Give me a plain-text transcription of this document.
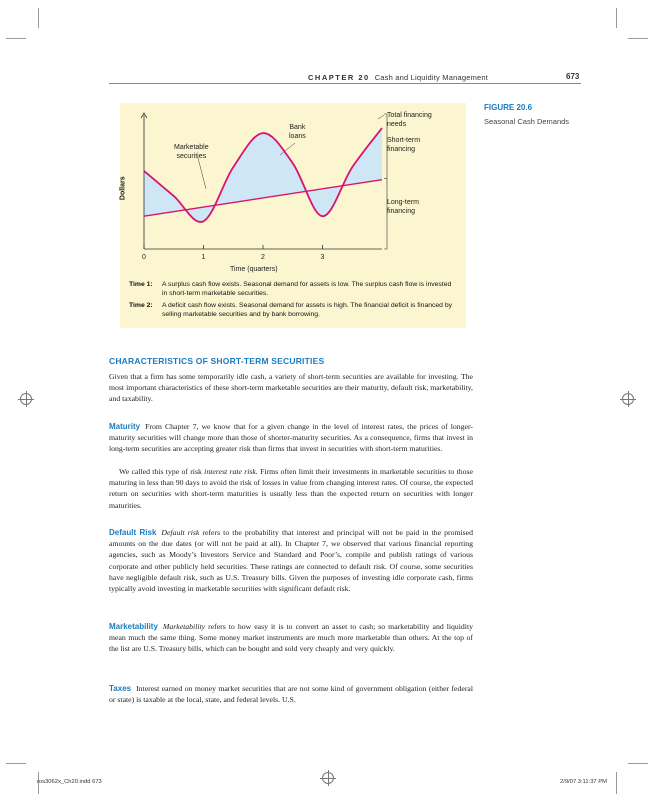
CHAPTER 20 Cash and Liquidity Management	673
FIGURE 20.6
Seasonal Cash Demands
0	1	2	3
Marketable
securities
Bank
loans
Total financing
needs
Short-term
financing
Long-term
financing
Dollars
Time (quarters)
Time 1: A surplus cash flow exists. Seasonal demand for assets is low. The surplus cash flow is invested in short-term marketable securities.
Time 2: A deficit cash flow exists. Seasonal demand for assets is high. The financial deficit is financed by selling marketable securities and by bank borrowing.
CHARACTERISTICS OF SHORT-TERM SECURITIES
Given that a firm has some temporarily idle cash, a variety of short-term securities are available for investing. The most important characteristics of these short-term marketable securities are their maturity, default risk, marketability, and taxability.
Maturity From Chapter 7, we know that for a given change in the level of interest rates, the prices of longer-maturity securities will change more than those of shorter-maturity securities. As a consequence, firms that invest in long-term securities are accepting greater risk than firms that invest in securities with short-term maturities.
We called this type of risk interest rate risk. Firms often limit their investments in marketable securities to those maturing in less than 90 days to avoid the risk of losses in value from changing interest rates. Of course, the expected return on securities with short-term maturities is usually less than the expected return on securities with longer maturities.
Default Risk Default risk refers to the probability that interest and principal will not be paid in the promised amounts on the due dates (or will not be paid at all). In Chapter 7, we observed that various financial reporting agencies, such as Moody’s Investors Service and Standard and Poor’s, compile and publish ratings of various corporate and other publicly held securities. These ratings are connected to default risk. Of course, some securities have negligible default risk, such as U.S. Treasury bills. Given the purposes of investing idle corporate cash, firms typically avoid investing in marketable securities with significant default risk.
Marketability Marketability refers to how easy it is to convert an asset to cash; so marketability and liquidity mean much the same thing. Some money market instruments are much more marketable than others. At the top of the list are U.S. Treasury bills, which can be bought and sold very cheaply and very quickly.
Taxes Interest earned on money market securities that are not some kind of government obligation (either federal or state) is taxable at the local, state, and federal levels. U.S.
ros3062x_Ch20.indd 673	2/9/07 3:11:37 PM
